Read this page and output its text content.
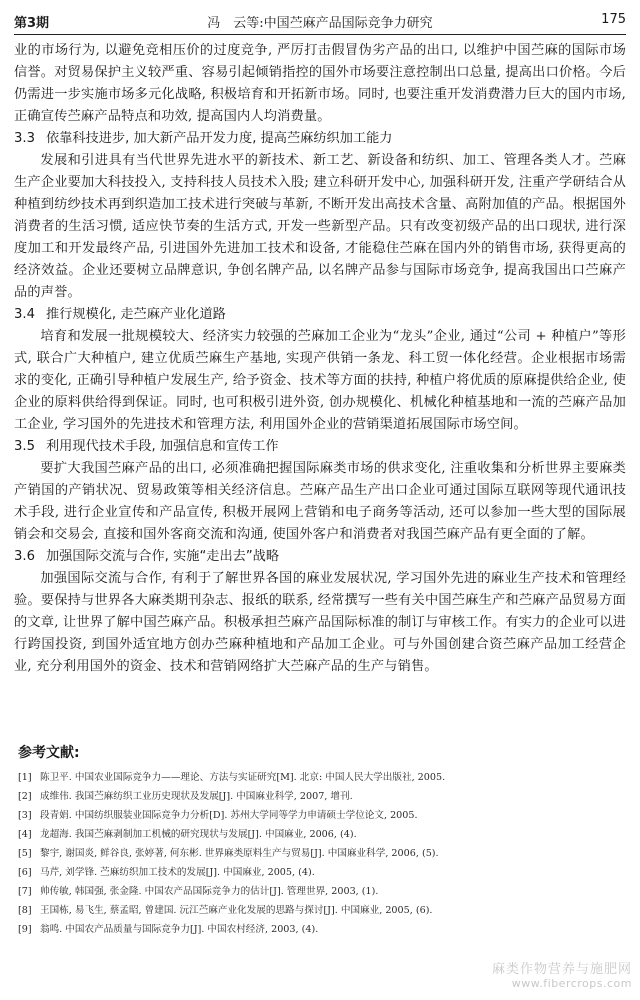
第3期	冯　云等:中国苎麻产品国际竞争力研究	175

业的市场行为, 以避免竞相压价的过度竞争, 严厉打击假冒伪劣产品的出口, 以维护中国苎麻的国际市场信誉。对贸易保护主义较严重、容易引起倾销指控的国外市场要注意控制出口总量, 提高出口价格。今后仍需进一步实施市场多元化战略, 积极培育和开拓新市场。同时, 也要注重开发消费潜力巨大的国内市场, 正确宣传苎麻产品特点和功效, 提高国内人均消费量。

3.3 依靠科技进步, 加大新产品开发力度, 提高苎麻纺织加工能力

发展和引进具有当代世界先进水平的新技术、新工艺、新设备和纺织、加工、管理各类人才。苎麻生产企业要加大科技投入, 支持科技人员技术入股; 建立科研开发中心, 加强科研开发, 注重产学研结合从种植到纺纱技术再到织造加工技术进行突破与革新, 不断开发出高技术含量、高附加值的产品。根据国外消费者的生活习惯, 适应快节奏的生活方式, 开发一些新型产品。只有改变初级产品的出口现状, 进行深度加工和开发最终产品, 引进国外先进加工技术和设备, 才能稳住苎麻在国内外的销售市场, 获得更高的经济效益。企业还要树立品牌意识, 争创名牌产品, 以名牌产品参与国际市场竞争, 提高我国出口苎麻产品的声誉。

3.4 推行规模化, 走苎麻产业化道路

培育和发展一批规模较大、经济实力较强的苎麻加工企业为“龙头”企业, 通过“公司 + 种植户”等形式, 联合广大种植户, 建立优质苎麻生产基地, 实现产供销一条龙、科工贸一体化经营。企业根据市场需求的变化, 正确引导种植户发展生产, 给予资金、技术等方面的扶持, 种植户将优质的原麻提供给企业, 使企业的原料供给得到保证。同时, 也可积极引进外资, 创办规模化、机械化种植基地和一流的苎麻产品加工企业, 学习国外的先进技术和管理方法, 利用国外企业的营销渠道拓展国际市场空间。

3.5 利用现代技术手段, 加强信息和宣传工作

要扩大我国苎麻产品的出口, 必须准确把握国际麻类市场的供求变化, 注重收集和分析世界主要麻类产销国的产销状况、贸易政策等相关经济信息。苎麻产品生产出口企业可通过国际互联网等现代通讯技术手段, 进行企业宣传和产品宣传, 积极开展网上营销和电子商务等活动, 还可以参加一些大型的国际展销会和交易会, 直接和国外客商交流和沟通, 使国外客户和消费者对我国苎麻产品有更全面的了解。

3.6 加强国际交流与合作, 实施“走出去”战略

加强国际交流与合作, 有利于了解世界各国的麻业发展状况, 学习国外先进的麻业生产技术和管理经验。要保持与世界各大麻类期刊杂志、报纸的联系, 经常撰写一些有关中国苎麻生产和苎麻产品贸易方面的文章, 让世界了解中国苎麻产品。积极承担苎麻产品国际标准的制订与审核工作。有实力的企业可以进行跨国投资, 到国外适宜地方创办苎麻种植地和产品加工企业。可与外国创建合资苎麻产品加工经营企业, 充分利用国外的资金、技术和营销网络扩大苎麻产品的生产与销售。

参考文献:
[1] 陈卫平. 中国农业国际竞争力——理论、方法与实证研究[M]. 北京: 中国人民大学出版社, 2005.
[2] 成维伟. 我国苎麻纺织工业历史现状及发展[J]. 中国麻业科学, 2007, 增刊.
[3] 段青娟. 中国纺织服装业国际竞争力分析[D]. 苏州大学同等学力申请硕士学位论文, 2005.
[4] 龙超海. 我国苎麻剥制加工机械的研究现状与发展[J]. 中国麻业, 2006, (4).
[5] 黎宇, 谢国炎, 鲜谷良, 张婷著, 何东彬. 世界麻类原料生产与贸易[J]. 中国麻业科学, 2006, (5).
[6] 马芹, 刘学锋. 苎麻纺织加工技术的发展[J]. 中国麻业, 2005, (4).
[7] 帅传敏, 韩国强, 张金隆. 中国农产品国际竞争力的估计[J]. 管理世界, 2003, (1).
[8] 王国栋, 易飞生, 蔡孟昭, 曾建国. 沅江苎麻产业化发展的思路与探讨[J]. 中国麻业, 2005, (6).
[9] 翁鸣. 中国农产品质量与国际竞争力[J]. 中国农村经济, 2003, (4).
麻类作物营养与施肥网
www.fibercrops.com
